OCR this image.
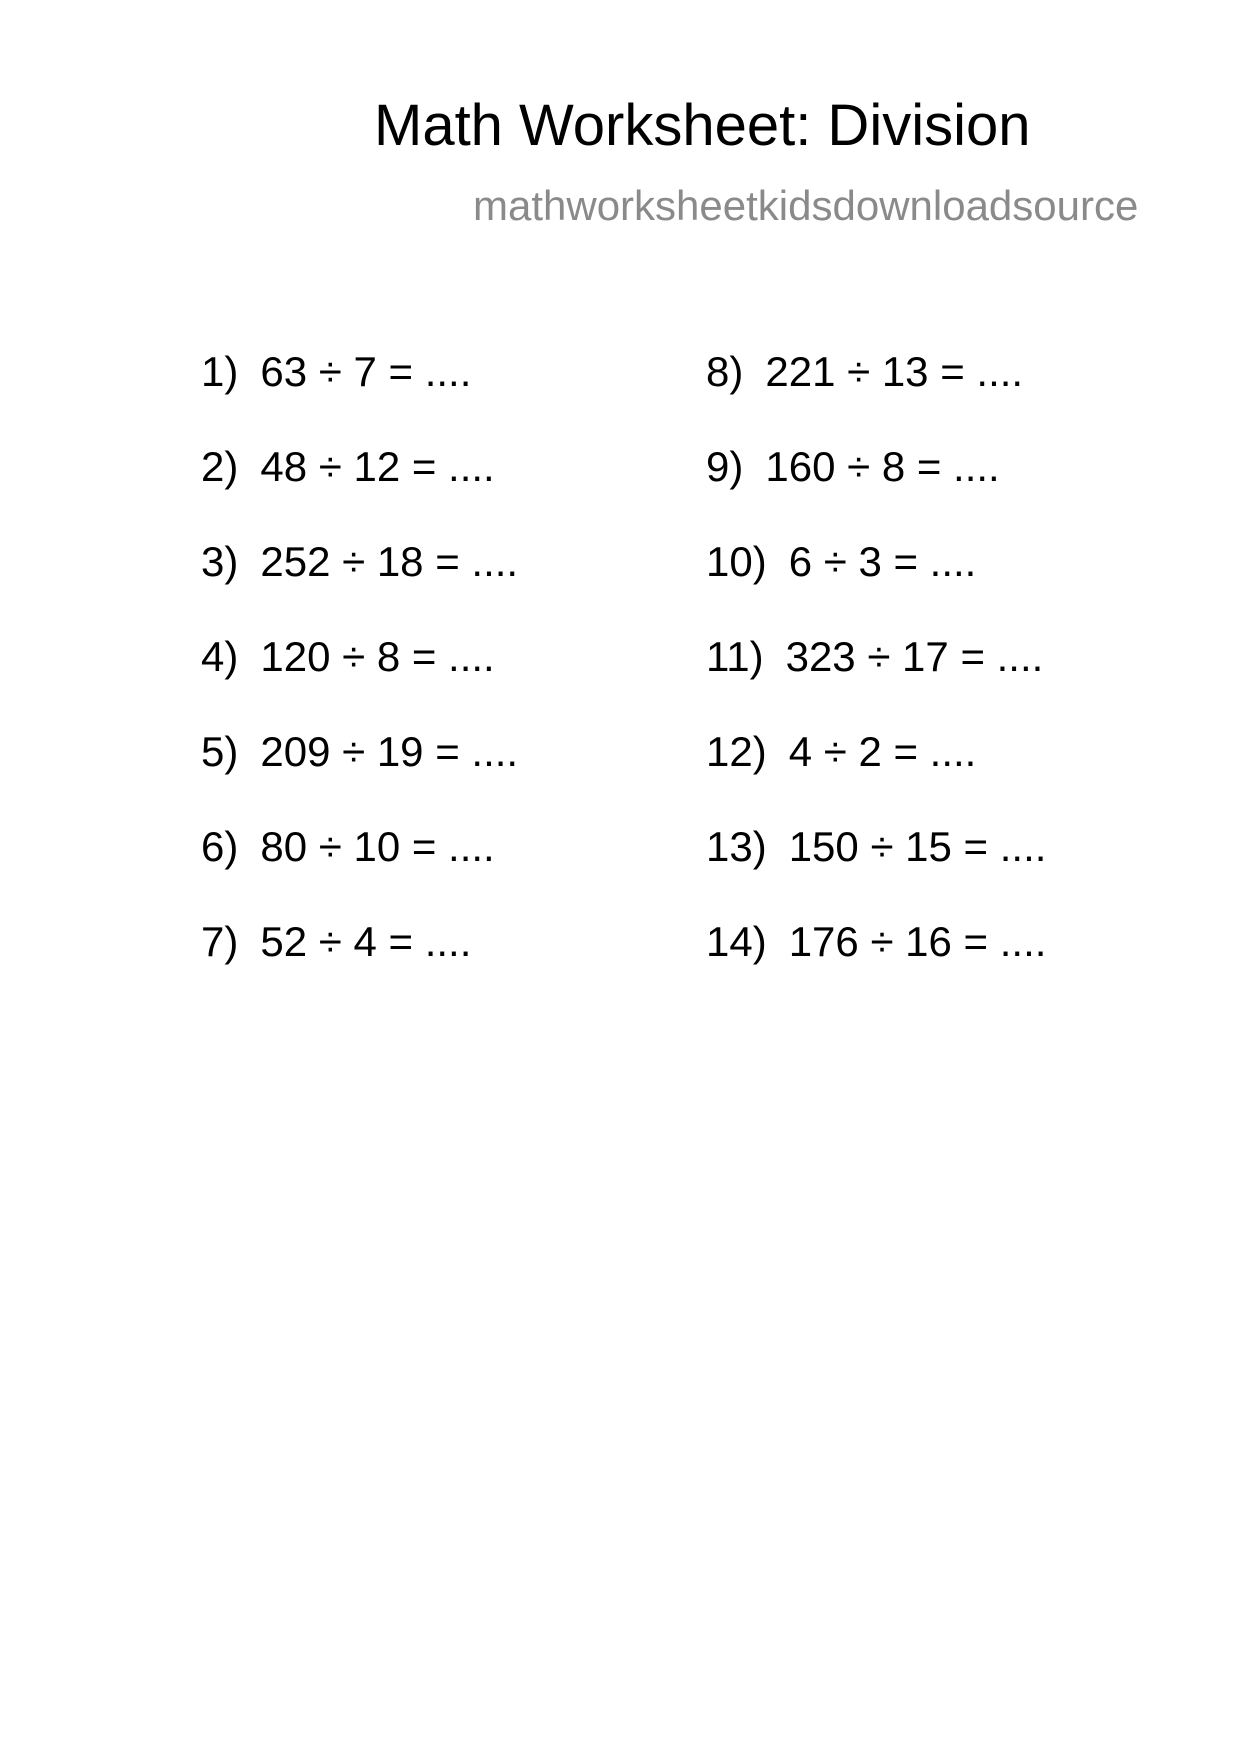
Math Worksheet: Division
mathworksheetkidsdownloadsource
1) 63 ÷ 7 = ....
2) 48 ÷ 12 = ....
3) 252 ÷ 18 = ....
4) 120 ÷ 8 = ....
5) 209 ÷ 19 = ....
6) 80 ÷ 10 = ....
7) 52 ÷ 4 = ....
8) 221 ÷ 13 = ....
9) 160 ÷ 8 = ....
10) 6 ÷ 3 = ....
11) 323 ÷ 17 = ....
12) 4 ÷ 2 = ....
13) 150 ÷ 15 = ....
14) 176 ÷ 16 = ....
